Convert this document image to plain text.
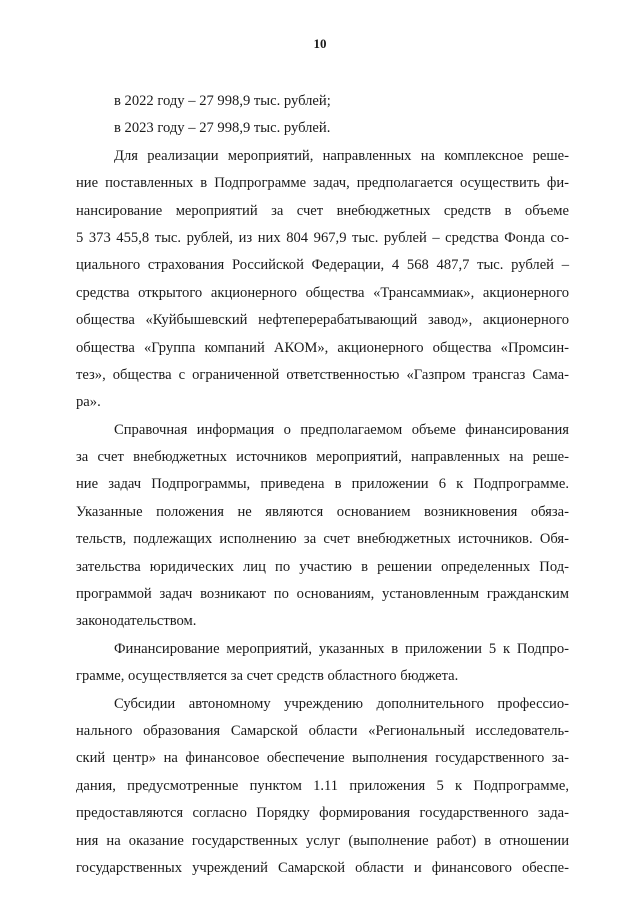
10
в 2022 году – 27 998,9 тыс. рублей;
в 2023 году – 27 998,9 тыс. рублей.
Для реализации мероприятий, направленных на комплексное реше-
ние поставленных в Подпрограмме задач, предполагается осуществить фи-
нансирование мероприятий за счет внебюджетных средств в объеме
5 373 455,8 тыс. рублей, из них 804 967,9 тыс. рублей – средства Фонда со-
циального страхования Российской Федерации, 4 568 487,7 тыс. рублей –
средства открытого акционерного общества «Трансаммиак», акционерного
общества «Куйбышевский нефтеперерабатывающий завод», акционерного
общества «Группа компаний АКОМ», акционерного общества «Промсин-
тез», общества с ограниченной ответственностью «Газпром трансгаз Сама-
ра».
Справочная информация о предполагаемом объеме финансирования
за счет внебюджетных источников мероприятий, направленных на реше-
ние задач Подпрограммы, приведена в приложении 6 к Подпрограмме.
Указанные положения не являются основанием возникновения обяза-
тельств, подлежащих исполнению за счет внебюджетных источников. Обя-
зательства юридических лиц по участию в решении определенных Под-
программой задач возникают по основаниям, установленным гражданским
законодательством.
Финансирование мероприятий, указанных в приложении 5 к Подпро-
грамме, осуществляется за счет средств областного бюджета.
Субсидии автономному учреждению дополнительного профессио-
нального образования Самарской области «Региональный исследователь-
ский центр» на финансовое обеспечение выполнения государственного за-
дания, предусмотренные пунктом 1.11 приложения 5 к Подпрограмме,
предоставляются согласно Порядку формирования государственного зада-
ния на оказание государственных услуг (выполнение работ) в отношении
государственных учреждений Самарской области и финансового обеспе-
